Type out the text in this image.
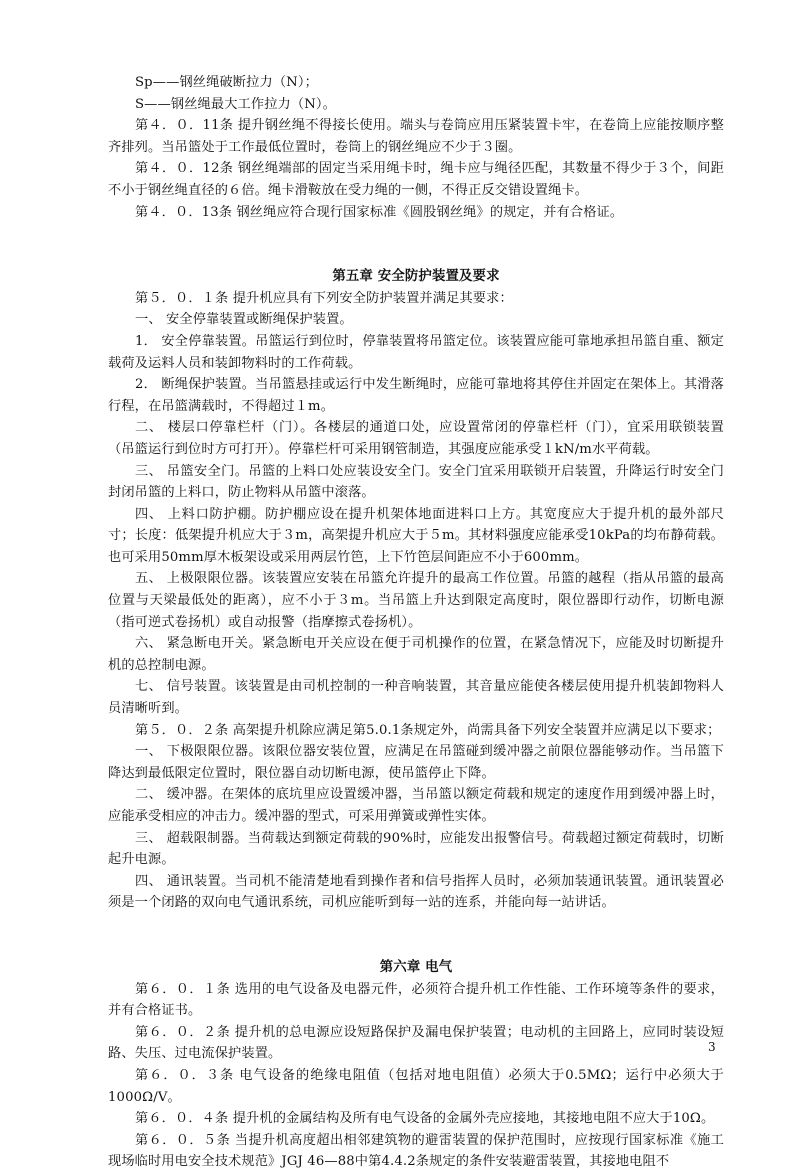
Sp——钢丝绳破断拉力（N）；

S——钢丝绳最大工作拉力（N）。

第４．０．11条 提升钢丝绳不得接长使用。端头与卷筒应用压紧装置卡牢，在卷筒上应能按顺序整齐排列。当吊篮处于工作最低位置时，卷筒上的钢丝绳应不少于３圈。

第４．０．12条 钢丝绳端部的固定当采用绳卡时，绳卡应与绳径匹配，其数量不得少于３个，间距不小于钢丝绳直径的６倍。绳卡滑鞍放在受力绳的一侧，不得正反交错设置绳卡。

第４．０．13条 钢丝绳应符合现行国家标准《圆股钢丝绳》的规定，并有合格证。

第五章 安全防护装置及要求

第５．０．１条 提升机应具有下列安全防护装置并满足其要求：

一、 安全停靠装置或断绳保护装置。

1． 安全停靠装置。吊篮运行到位时，停靠装置将吊篮定位。该装置应能可靠地承担吊篮自重、额定载荷及运料人员和装卸物料时的工作荷载。

2． 断绳保护装置。当吊篮悬挂或运行中发生断绳时，应能可靠地将其停住并固定在架体上。其滑落行程，在吊篮满载时，不得超过１m。

二、 楼层口停靠栏杆（门）。各楼层的通道口处，应设置常闭的停靠栏杆（门），宜采用联锁装置（吊篮运行到位时方可打开）。停靠栏杆可采用钢管制造，其强度应能承受１kN/m水平荷载。

三、 吊篮安全门。吊篮的上料口处应装设安全门。安全门宜采用联锁开启装置，升降运行时安全门封闭吊篮的上料口，防止物料从吊篮中滚落。

四、 上料口防护棚。防护棚应设在提升机架体地面进料口上方。其宽度应大于提升机的最外部尺寸；长度：低架提升机应大于３m，高架提升机应大于５m。其材料强度应能承受10kPa的均布静荷载。也可采用50mm厚木板架设或采用两层竹笆，上下竹笆层间距应不小于600mm。

五、 上极限限位器。该装置应安装在吊篮允许提升的最高工作位置。吊篮的越程（指从吊篮的最高位置与天梁最低处的距离），应不小于３m。当吊篮上升达到限定高度时，限位器即行动作，切断电源（指可逆式卷扬机）或自动报警（指摩擦式卷扬机）。

六、 紧急断电开关。紧急断电开关应设在便于司机操作的位置，在紧急情况下，应能及时切断提升机的总控制电源。

七、 信号装置。该装置是由司机控制的一种音响装置，其音量应能使各楼层使用提升机装卸物料人员清晰听到。

第５．０．２条 高架提升机除应满足第5.0.1条规定外，尚需具备下列安全装置并应满足以下要求；

一、 下极限限位器。该限位器安装位置，应满足在吊篮碰到缓冲器之前限位器能够动作。当吊篮下降达到最低限定位置时，限位器自动切断电源，使吊篮停止下降。

二、 缓冲器。在架体的底坑里应设置缓冲器，当吊篮以额定荷载和规定的速度作用到缓冲器上时，应能承受相应的冲击力。缓冲器的型式，可采用弹簧或弹性实体。

三、 超载限制器。当荷载达到额定荷载的90%时，应能发出报警信号。荷载超过额定荷载时，切断起升电源。

四、 通讯装置。当司机不能清楚地看到操作者和信号指挥人员时，必须加装通讯装置。通讯装置必须是一个闭路的双向电气通讯系统，司机应能听到每一站的连系，并能向每一站讲话。

第六章 电气

第６．０．１条 选用的电气设备及电器元件，必须符合提升机工作性能、工作环境等条件的要求，并有合格证书。

第６．０．２条 提升机的总电源应设短路保护及漏电保护装置；电动机的主回路上，应同时装设短路、失压、过电流保护装置。

第６．０．３条 电气设备的绝缘电阻值（包括对地电阻值）必须大于0.5MΩ；运行中必须大于1000Ω/V。

第６．０．４条 提升机的金属结构及所有电气设备的金属外壳应接地，其接地电阻不应大于10Ω。

第６．０．５条 当提升机高度超出相邻建筑物的避雷装置的保护范围时，应按现行国家标准《施工现场临时用电安全技术规范》JGJ 46—88中第4.4.2条规定的条件安装避雷装置，其接地电阻不

3
